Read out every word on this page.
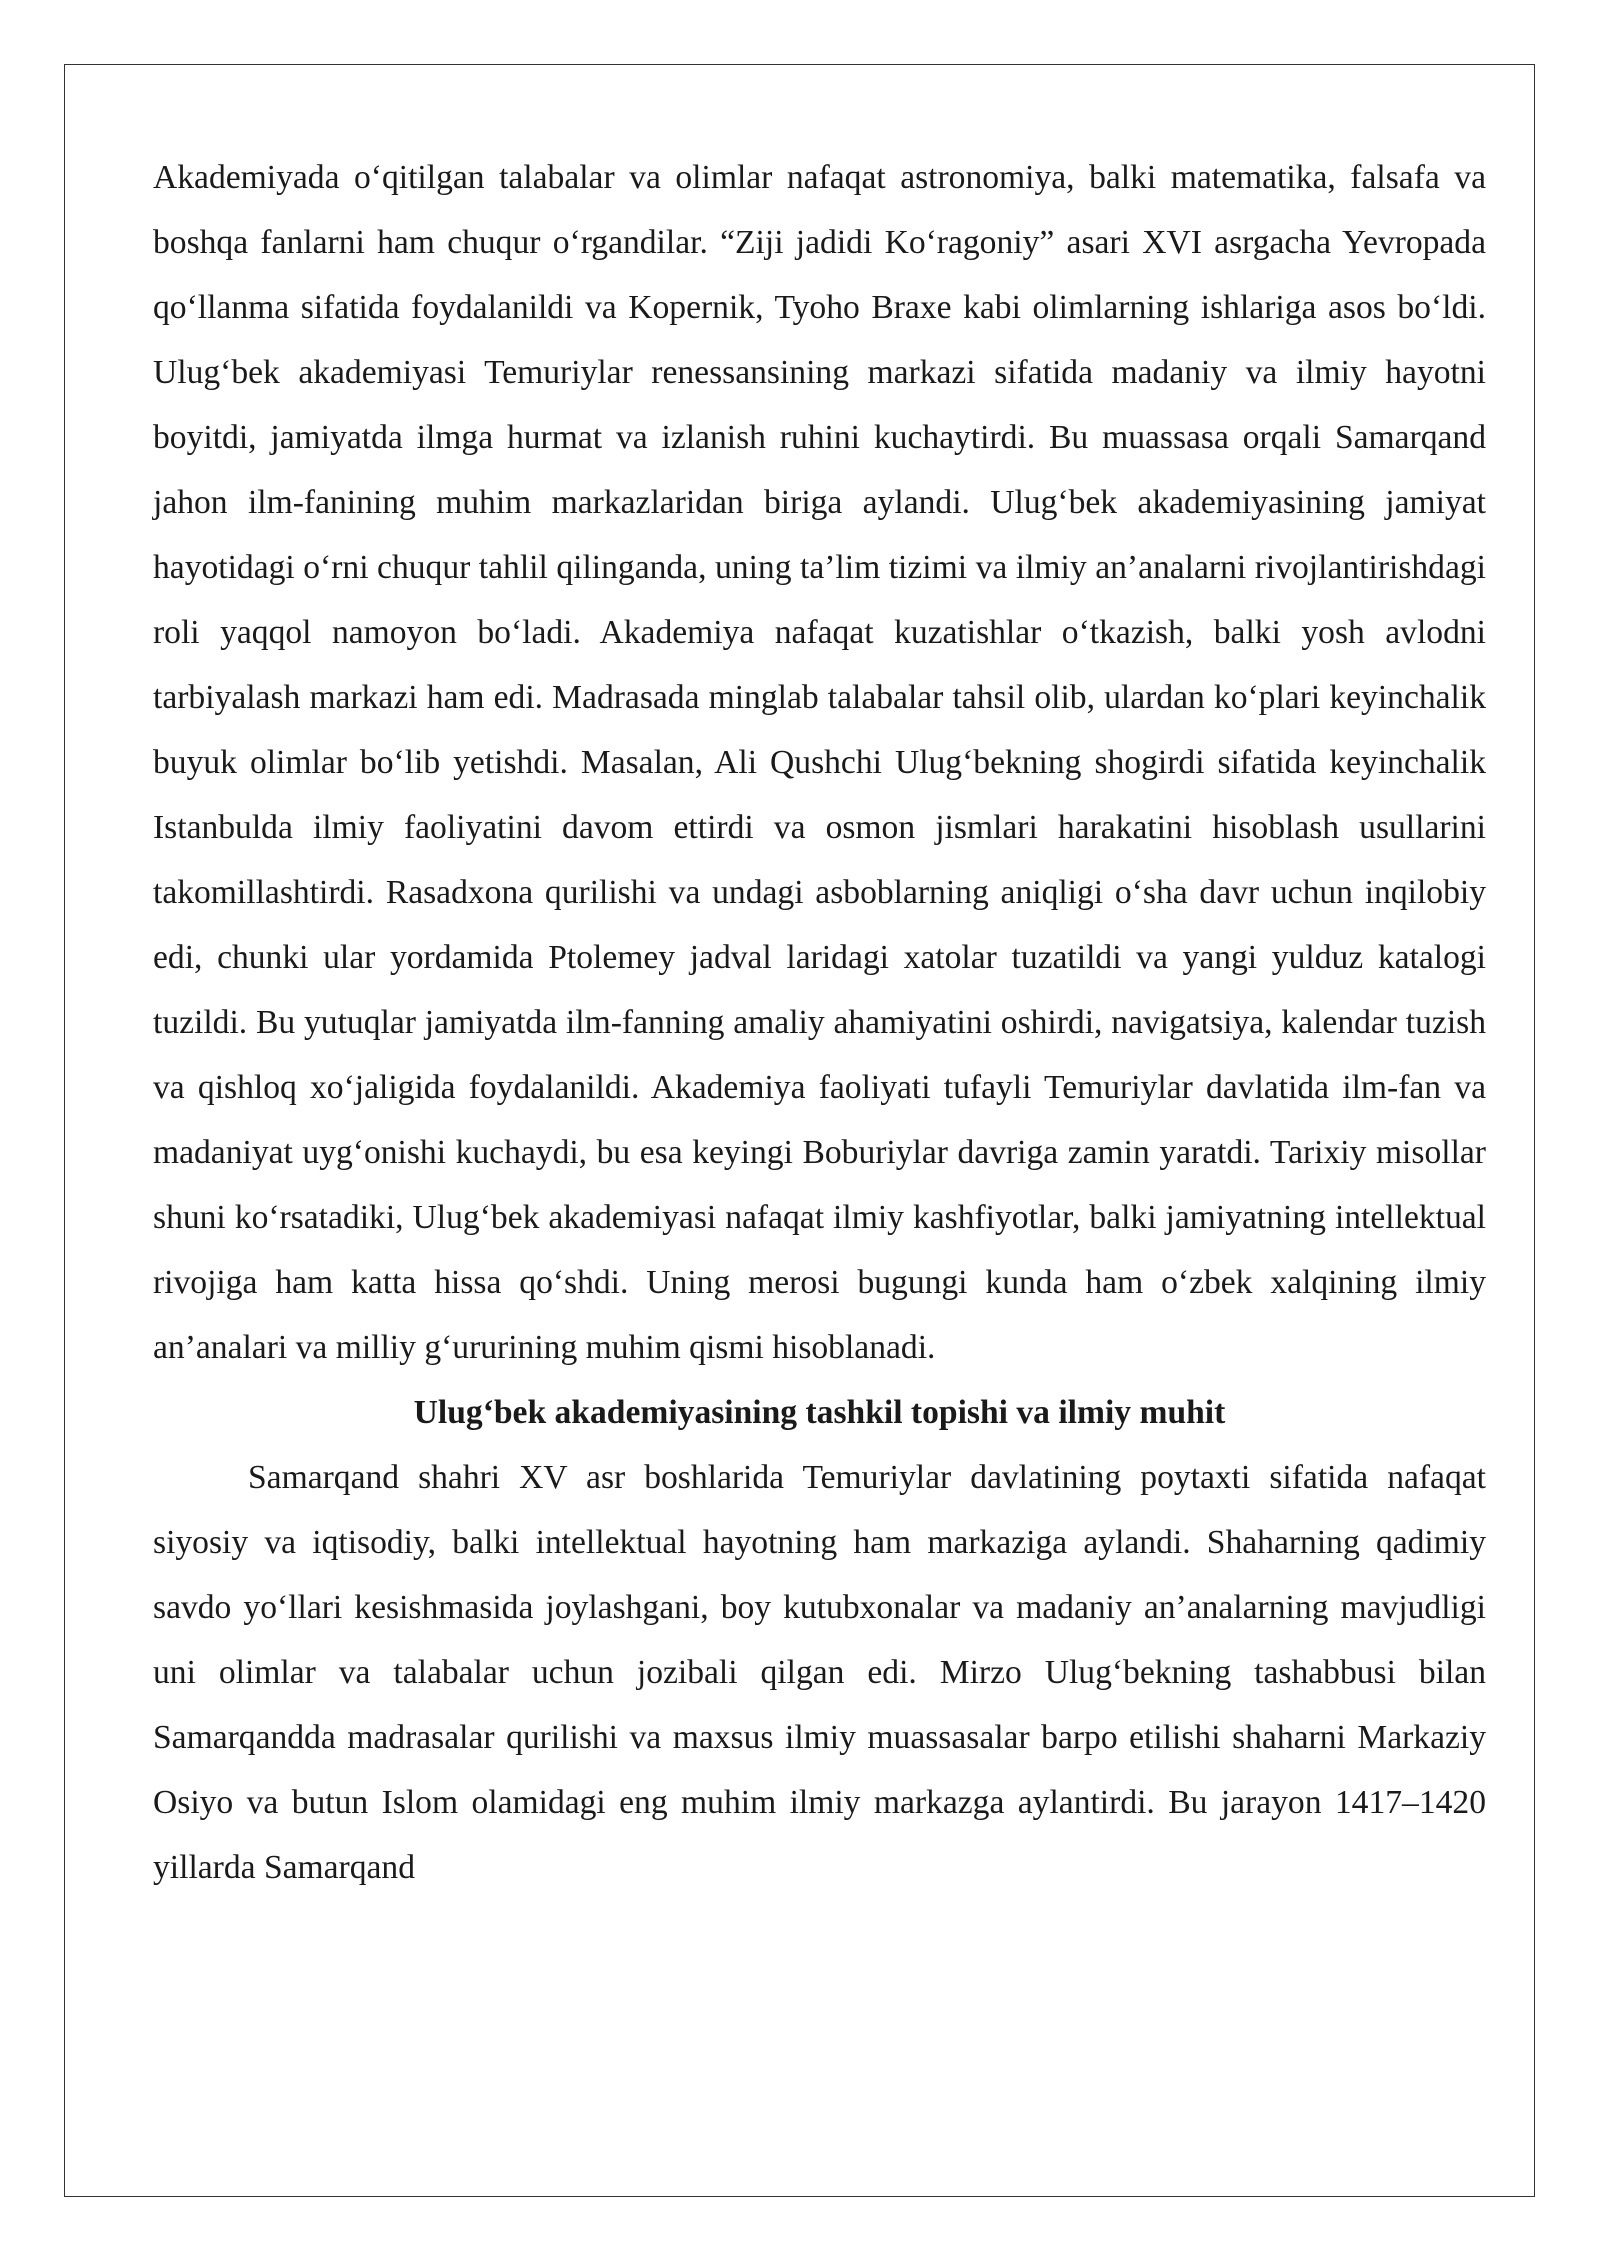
Akademiyada o‘qitilgan talabalar va olimlar nafaqat astronomiya, balki matematika, falsafa va boshqa fanlarni ham chuqur o‘rgandilar. “Ziji jadidi Ko‘ragoniy” asari XVI asrgacha Yevropada qo‘llanma sifatida foydalanildi va Kopernik, Tyoho Braxe kabi olimlarning ishlariga asos bo‘ldi. Ulug‘bek akademiyasi Temuriylar renessansining markazi sifatida madaniy va ilmiy hayotni boyitdi, jamiyatda ilmga hurmat va izlanish ruhini kuchaytirdi. Bu muassasa orqali Samarqand jahon ilm-fanining muhim markazlaridan biriga aylandi. Ulug‘bek akademiyasining jamiyat hayotidagi o‘rni chuqur tahlil qilinganda, uning ta’lim tizimi va ilmiy an’analarni rivojlantirishdagi roli yaqqol namoyon bo‘ladi. Akademiya nafaqat kuzatishlar o‘tkazish, balki yosh avlodni tarbiyalash markazi ham edi. Madrasada minglab talabalar tahsil olib, ulardan ko‘plari keyinchalik buyuk olimlar bo‘lib yetishdi. Masalan, Ali Qushchi Ulug‘bekning shogirdi sifatida keyinchalik Istanbulda ilmiy faoliyatini davom ettirdi va osmon jismlari harakatini hisoblash usullarini takomillashtirdi. Rasadxona qurilishi va undagi asboblarning aniqligi o‘sha davr uchun inqilobiy edi, chunki ular yordamida Ptolemey jadval laridagi xatolar tuzatildi va yangi yulduz katalogi tuzildi. Bu yutuqlar jamiyatda ilm-fanning amaliy ahamiyatini oshirdi, navigatsiya, kalendar tuzish va qishloq xo‘jaligida foydalanildi. Akademiya faoliyati tufayli Temuriylar davlatida ilm-fan va madaniyat uyg‘onishi kuchaydi, bu esa keyingi Boburiylar davriga zamin yaratdi. Tarixiy misollar shuni ko‘rsatadiki, Ulug‘bek akademiyasi nafaqat ilmiy kashfiyotlar, balki jamiyatning intellektual rivojiga ham katta hissa qo‘shdi. Uning merosi bugungi kunda ham o‘zbek xalqining ilmiy an’analari va milliy g‘ururining muhim qismi hisoblanadi.

Ulug‘bek akademiyasining tashkil topishi va ilmiy muhit

Samarqand shahri XV asr boshlarida Temuriylar davlatining poytaxti sifatida nafaqat siyosiy va iqtisodiy, balki intellektual hayotning ham markaziga aylandi. Shaharning qadimiy savdo yo‘llari kesishmasida joylashgani, boy kutubxonalar va madaniy an’analarning mavjudligi uni olimlar va talabalar uchun jozibali qilgan edi. Mirzo Ulug‘bekning tashabbusi bilan Samarqandda madrasalar qurilishi va maxsus ilmiy muassasalar barpo etilishi shaharni Markaziy Osiyo va butun Islom olamidagi eng muhim ilmiy markazga aylantirdi. Bu jarayon 1417–1420 yillarda Samarqand
